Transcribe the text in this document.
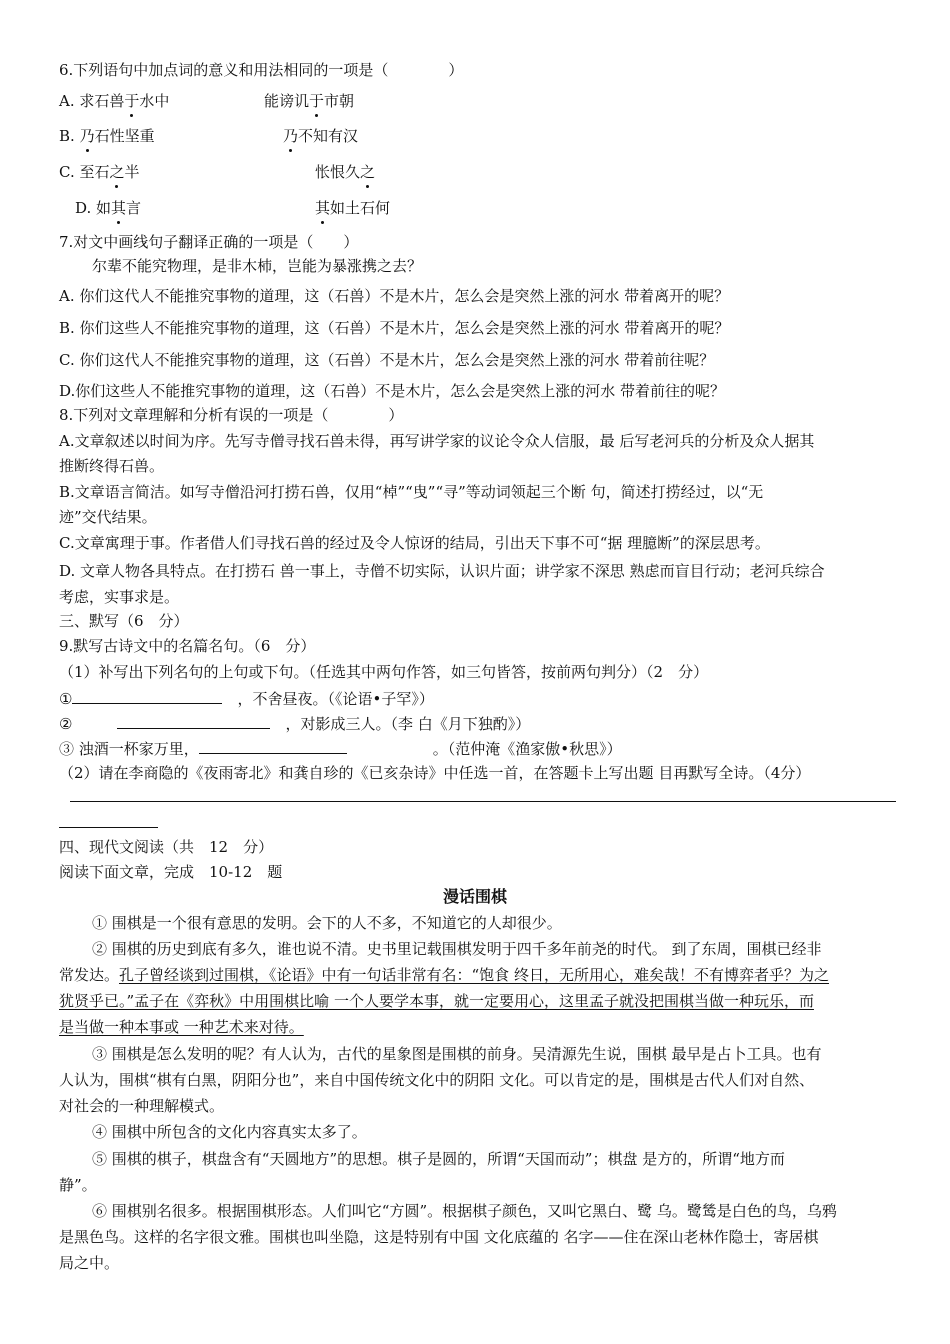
6.下列语句中加点词的意义和用法相同的一项是（　　　　）
A. 求石兽于水中	能谤讥于市朝
B. 乃石性坚重	乃不知有汉
C. 至石之半	怅恨久之
D. 如其言	其如土石何
7.对文中画线句子翻译正确的一项是（　　）
尔辈不能究物理，是非木杮，岂能为暴涨携之去？
A. 你们这代人不能推究事物的道理，这（石兽）不是木片，怎么会是突然上涨的河水 带着离开的呢？
B. 你们这些人不能推究事物的道理，这（石兽）不是木片，怎么会是突然上涨的河水 带着离开的呢？
C. 你们这代人不能推究事物的道理，这（石兽）不是木片，怎么会是突然上涨的河水 带着前往呢？
D.你们这些人不能推究事物的道理，这（石兽）不是木片，怎么会是突然上涨的河水 带着前往的呢？
8.下列对文章理解和分析有误的一项是（　　　　）
A.文章叙述以时间为序。先写寺僧寻找石兽未得，再写讲学家的议论令众人信服，最 后写老河兵的分析及众人据其
推断终得石兽。
B.文章语言简洁。如写寺僧沿河打捞石兽，仅用“棹”“曳”“寻”等动词领起三个断 句，简述打捞经过，以“无
迹”交代结果。
C.文章寓理于事。作者借人们寻找石兽的经过及令人惊讶的结局，引出天下事不可“据 理臆断”的深层思考。
D. 文章人物各具特点。在打捞石 兽一事上，寺僧不切实际，认识片面；讲学家不深思 熟虑而盲目行动；老河兵综合
考虑，实事求是。
三、默写（6　分）
9.默写古诗文中的名篇名句。（6　分）
（1）补写出下列名句的上句或下句。（任选其中两句作答，如三句皆答，按前两句判分）（2　分）
①　	，不舍昼夜。（《论语•子罕》）
②　　　　	，对影成三人。（李 白《月下独酌》）
③ 浊酒一杯家万里，	。（范仲淹《渔家傲•秋思》）
（2）请在李商隐的《夜雨寄北》和龚自珍的《已亥杂诗》中任选一首，在答题卡上写出题 目再默写全诗。（4分）
四、现代文阅读（共　12　分）
阅读下面文章，完成　10-12　题
漫话围棋
① 围棋是一个很有意思的发明。会下的人不多，不知道它的人却很少。
② 围棋的历史到底有多久，谁也说不清。史书里记载围棋发明于四千多年前尧的时代。 到了东周，围棋已经非
常发达。孔子曾经谈到过围棋，《论语》中有一句话非常有名：“饱食 终日，无所用心，难矣哉！不有博弈者乎？为之
犹贤乎已。”孟子在《弈秋》中用围棋比喻 一个人要学本事，就一定要用心，这里孟子就没把围棋当做一种玩乐，而
是当做一种本事或 一种艺术来对待。
③ 围棋是怎么发明的呢？有人认为，古代的星象图是围棋的前身。吴清源先生说，围棋 最早是占卜工具。也有
人认为，围棋“棋有白黑，阴阳分也”，来自中国传统文化中的阴阳 文化。可以肯定的是，围棋是古代人们对自然、
对社会的一种理解模式。
④ 围棋中所包含的文化内容真实太多了。
⑤ 围棋的棋子，棋盘含有“天圆地方”的思想。棋子是圆的，所谓“天国而动”；棋盘 是方的，所谓“地方而
静”。
⑥ 围棋别名很多。根据围棋形态。人们叫它“方圆”。根据棋子颜色，又叫它黑白、鹭 乌。鹭鸶是白色的鸟，乌鸦
是黑色鸟。这样的名字很文雅。围棋也叫坐隐，这是特别有中国 文化底蕴的 名字——住在深山老林作隐士，寄居棋
局之中。
